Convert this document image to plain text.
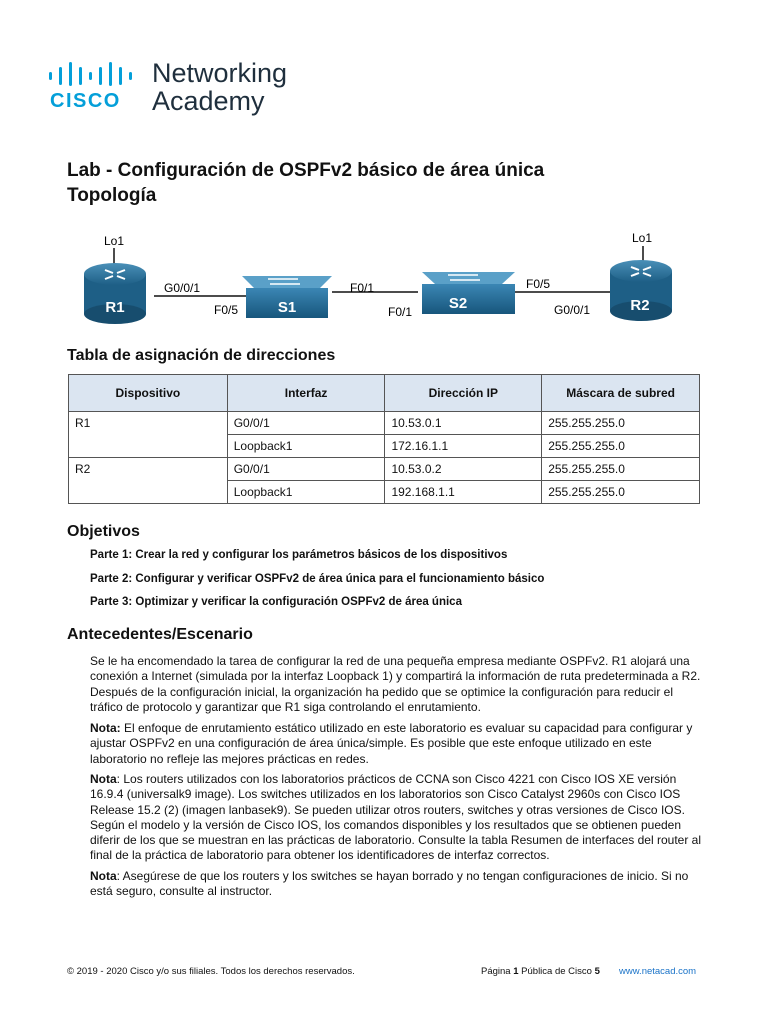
CISCO
Networking
Academy
Lab - Configuración de OSPFv2 básico de área única
Topología
R1
Lo1
S1	S2	R2
Lo1
G0/0/1
F0/5
F0/1
F0/1
F0/5
G0/0/1
Tabla de asignación de direcciones
Dispositivo	Interfaz	Dirección IP	Máscara de subred
R1	G0/0/1	10.53.0.1	255.255.255.0
	Loopback1	172.16.1.1	255.255.255.0
R2	G0/0/1	10.53.0.2	255.255.255.0
	Loopback1	192.168.1.1	255.255.255.0
Objetivos
Parte 1: Crear la red y configurar los parámetros básicos de los dispositivos
Parte 2: Configurar y verificar OSPFv2 de área única para el funcionamiento básico
Parte 3: Optimizar y verificar la configuración OSPFv2 de área única
Antecedentes/Escenario
Se le ha encomendado la tarea de configurar la red de una pequeña empresa mediante OSPFv2. R1 alojará una conexión a Internet (simulada por la interfaz Loopback 1) y compartirá la información de ruta predeterminada a R2. Después de la configuración inicial, la organización ha pedido que se optimice la configuración para reducir el tráfico de protocolo y garantizar que R1 siga controlando el enrutamiento.
Nota: El enfoque de enrutamiento estático utilizado en este laboratorio es evaluar su capacidad para configurar y ajustar OSPFv2 en una configuración de área única/simple. Es posible que este enfoque utilizado en este laboratorio no refleje las mejores prácticas en redes.
Nota: Los routers utilizados con los laboratorios prácticos de CCNA son Cisco 4221 con Cisco IOS XE versión 16.9.4 (universalk9 image). Los switches utilizados en los laboratorios son Cisco Catalyst 2960s con Cisco IOS Release 15.2 (2) (imagen lanbasek9). Se pueden utilizar otros routers, switches y otras versiones de Cisco IOS. Según el modelo y la versión de Cisco IOS, los comandos disponibles y los resultados que se obtienen pueden diferir de los que se muestran en las prácticas de laboratorio. Consulte la tabla Resumen de interfaces del router al final de la práctica de laboratorio para obtener los identificadores de interfaz correctos.
Nota: Asegúrese de que los routers y los switches se hayan borrado y no tengan configuraciones de inicio. Si no está seguro, consulte al instructor.
© 2019 - 2020 Cisco y/o sus filiales. Todos los derechos reservados.	Página 1 Pública de Cisco 5 www.netacad.com
